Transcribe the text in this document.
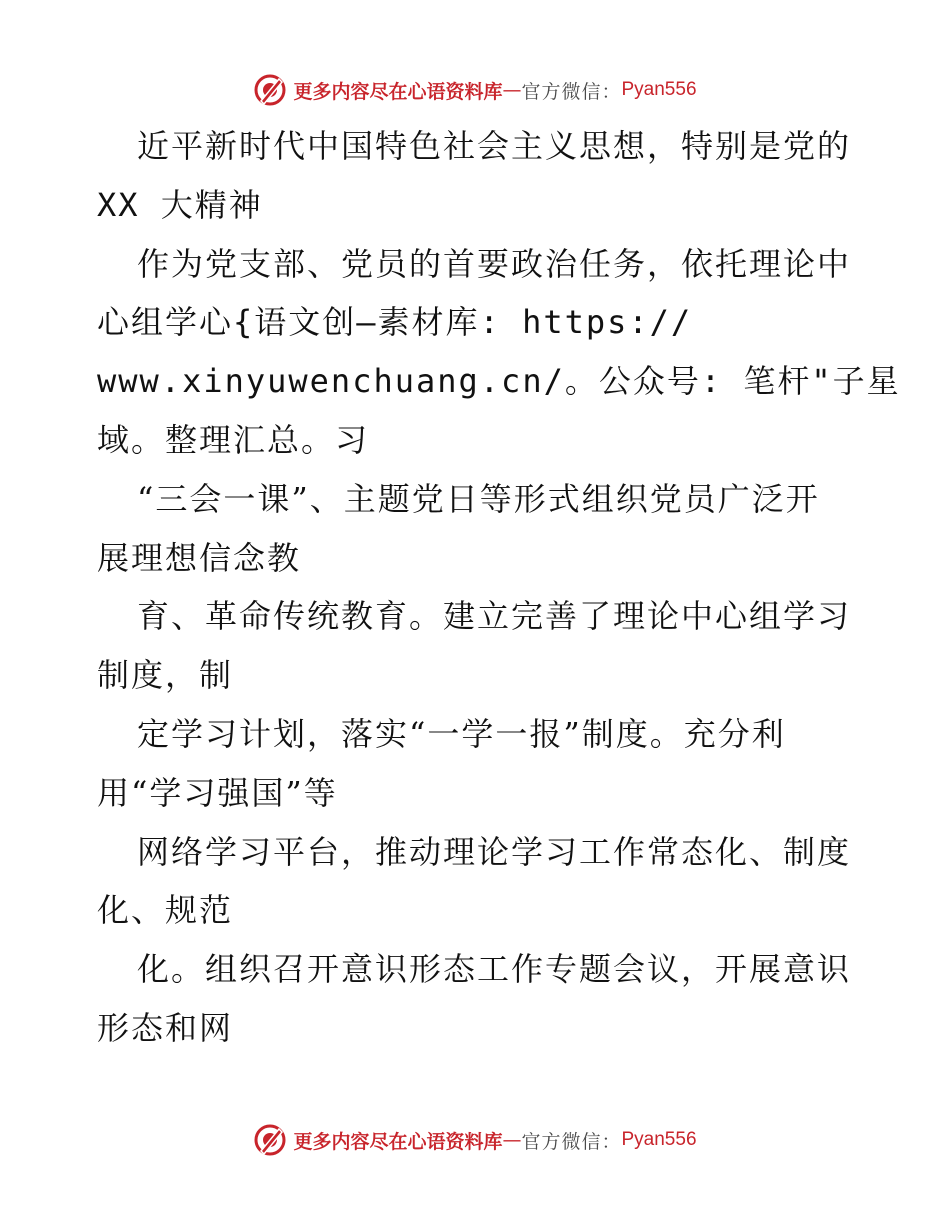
更多内容尽在心语资料库 — 官方微信： Pyan556
近平新时代中国特色社会主义思想，特别是党的
XX 大精神
作为党支部、党员的首要政治任务，依托理论中
心组学心{语文创—素材库: https://
www.xinyuwenchuang.cn/。公众号: 笔杆"子星
域。整理汇总。习
“三会一课”、主题党日等形式组织党员广泛开
展理想信念教
育、革命传统教育。建立完善了理论中心组学习
制度，制
定学习计划，落实“一学一报”制度。充分利
用“学习强国”等
网络学习平台，推动理论学习工作常态化、制度
化、规范
化。组织召开意识形态工作专题会议，开展意识
形态和网
更多内容尽在心语资料库 — 官方微信： Pyan556
